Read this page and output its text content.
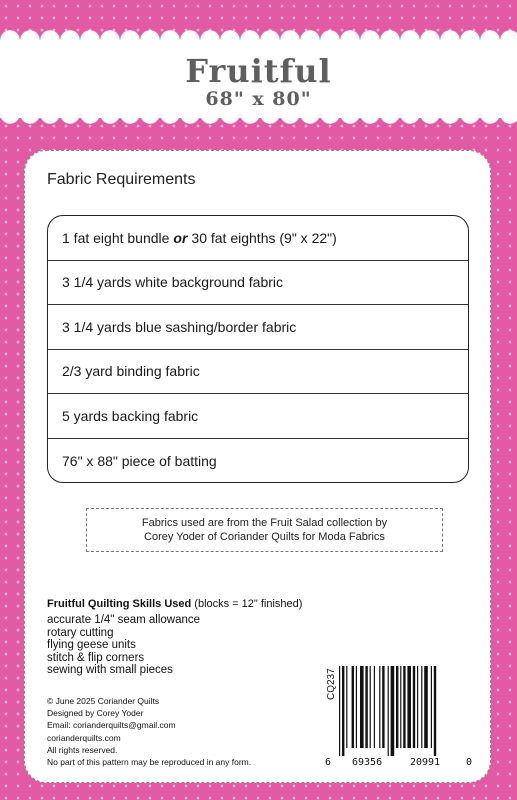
Fruitful
68" x 80"
Fabric Requirements
1 fat eight bundle or 30 fat eighths (9" x 22")
3 1/4 yards white background fabric
3 1/4 yards blue sashing/border fabric
2/3 yard binding fabric
5 yards backing fabric
76" x 88" piece of batting
Fabrics used are from the Fruit Salad collection by
Corey Yoder of Coriander Quilts for Moda Fabrics
Fruitful Quilting Skills Used (blocks = 12" finished)
accurate 1/4" seam allowance
rotary cutting
flying geese units
stitch & flip corners
sewing with small pieces
© June 2025 Coriander Quilts
Designed by Corey Yoder
Email: corianderquilts@gmail.com
corianderquilts.com
All rights reserved.
No part of this pattern may be reproduced in any form.
CQ237
6 69356	20991	0
